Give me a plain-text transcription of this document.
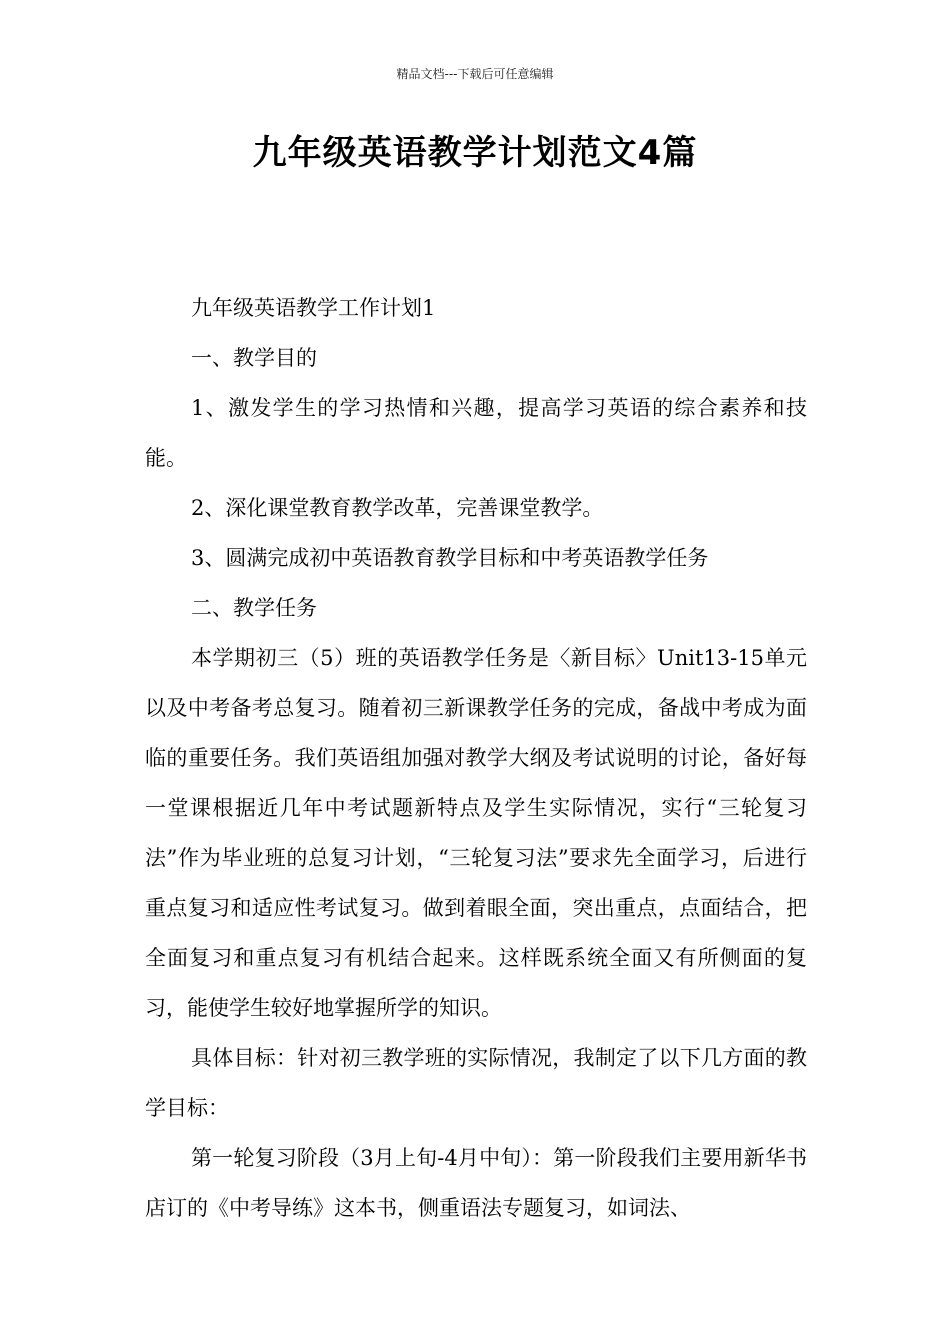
精品文档---下载后可任意编辑
九年级英语教学计划范文4篇

九年级英语教学工作计划1

一、教学目的

1、激发学生的学习热情和兴趣，提高学习英语的综合素养和技能。

2、深化课堂教育教学改革，完善课堂教学。

3、圆满完成初中英语教育教学目标和中考英语教学任务

二、教学任务

本学期初三（5）班的英语教学任务是〈新目标〉Unit13-15单元以及中考备考总复习。随着初三新课教学任务的完成，备战中考成为面临的重要任务。我们英语组加强对教学大纲及考试说明的讨论，备好每一堂课根据近几年中考试题新特点及学生实际情况，实行“三轮复习法”作为毕业班的总复习计划，“三轮复习法”要求先全面学习，后进行重点复习和适应性考试复习。做到着眼全面，突出重点，点面结合，把全面复习和重点复习有机结合起来。这样既系统全面又有所侧面的复习，能使学生较好地掌握所学的知识。

具体目标：针对初三教学班的实际情况，我制定了以下几方面的教学目标：

第一轮复习阶段（3月上旬-4月中旬）：第一阶段我们主要用新华书店订的《中考导练》这本书，侧重语法专题复习，如词法、
